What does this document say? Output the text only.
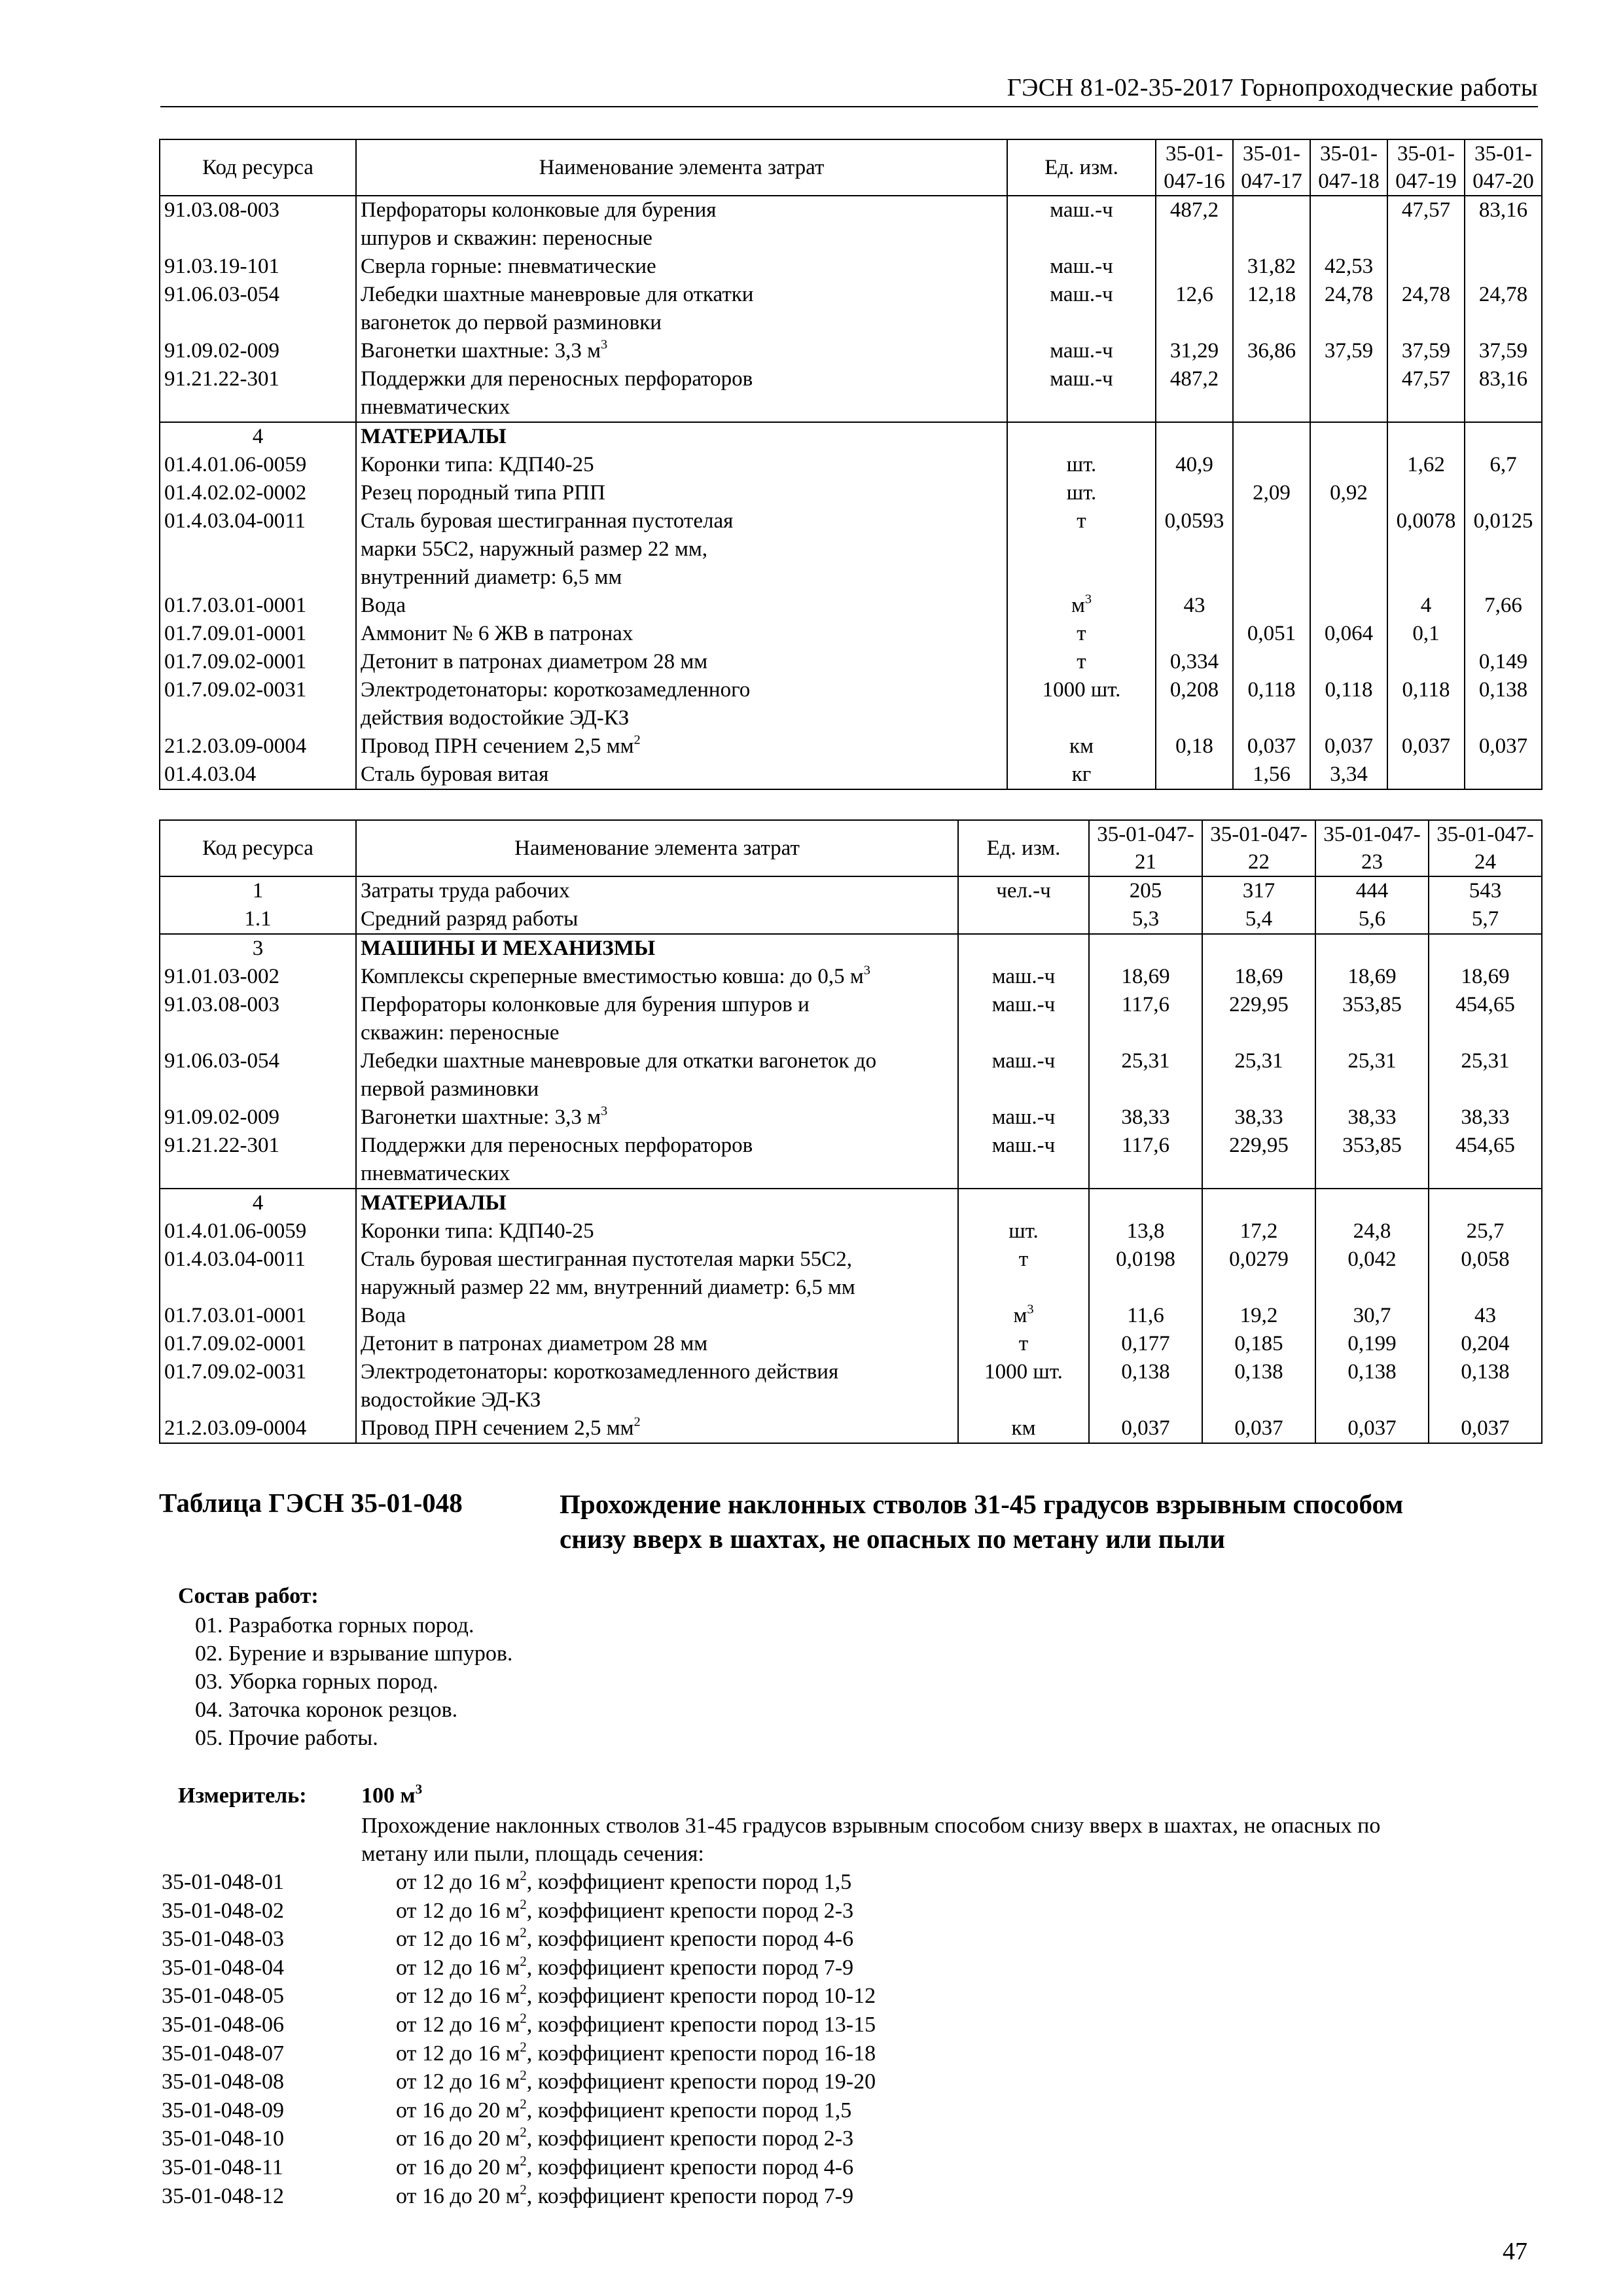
ГЭСН 81-02-35-2017 Горнопроходческие работы
Код ресурса	Наименование элемента затрат	Ед. изм.	35-01-047-16	35-01-047-17	35-01-047-18	35-01-047-19	35-01-047-20
91.03.08-003	Перфораторы колонковые для бурения
шпуров и скважин: переносные	маш.-ч	487,2			47,57	83,16
91.03.19-101	Сверла горные: пневматические	маш.-ч		31,82	42,53		
91.06.03-054	Лебедки шахтные маневровые для откатки
вагонеток до первой разминовки	маш.-ч	12,6	12,18	24,78	24,78	24,78
91.09.02-009	Вагонетки шахтные: 3,3 $м^3$	маш.-ч	31,29	36,86	37,59	37,59	37,59
91.21.22-301	Поддержки для переносных перфораторов
пневматических	маш.-ч	487,2			47,57	83,16
4	МАТЕРИАЛЫ						
01.4.01.06-0059	Коронки типа: КДП40-25	шт.	40,9			1,62	6,7
01.4.02.02-0002	Резец породный типа РПП	шт.		2,09	0,92		
01.4.03.04-0011	Сталь буровая шестигранная пустотелая
марки 55С2, наружный размер 22 мм,
внутренний диаметр: 6,5 мм	т	0,0593			0,0078	0,0125
01.7.03.01-0001	Вода	$м^3$	43			4	7,66
01.7.09.01-0001	Аммонит № 6 ЖВ в патронах	т		0,051	0,064	0,1	
01.7.09.02-0001	Детонит в патронах диаметром 28 мм	т	0,334				0,149
01.7.09.02-0031	Электродетонаторы: короткозамедленного
действия водостойкие ЭД-КЗ	1000 шт.	0,208	0,118	0,118	0,118	0,138
21.2.03.09-0004	Провод ПРН сечением 2,5 $мм^2$	км	0,18	0,037	0,037	0,037	0,037
01.4.03.04	Сталь буровая витая	кг		1,56	3,34		
Код ресурса	Наименование элемента затрат	Ед. изм.	35-01-047-21	35-01-047-22	35-01-047-23	35-01-047-24
1	Затраты труда рабочих	чел.-ч	205	317	444	543
1.1	Средний разряд работы		5,3	5,4	5,6	5,7
3	МАШИНЫ И МЕХАНИЗМЫ					
91.01.03-002	Комплексы скреперные вместимостью ковша: до 0,5 $м^3$	маш.-ч	18,69	18,69	18,69	18,69
91.03.08-003	Перфораторы колонковые для бурения шпуров и
скважин: переносные	маш.-ч	117,6	229,95	353,85	454,65
91.06.03-054	Лебедки шахтные маневровые для откатки вагонеток до
первой разминовки	маш.-ч	25,31	25,31	25,31	25,31
91.09.02-009	Вагонетки шахтные: 3,3 $м^3$	маш.-ч	38,33	38,33	38,33	38,33
91.21.22-301	Поддержки для переносных перфораторов
пневматических	маш.-ч	117,6	229,95	353,85	454,65
4	МАТЕРИАЛЫ					
01.4.01.06-0059	Коронки типа: КДП40-25	шт.	13,8	17,2	24,8	25,7
01.4.03.04-0011	Сталь буровая шестигранная пустотелая марки 55С2,
наружный размер 22 мм, внутренний диаметр: 6,5 мм	т	0,0198	0,0279	0,042	0,058
01.7.03.01-0001	Вода	$м^3$	11,6	19,2	30,7	43
01.7.09.02-0001	Детонит в патронах диаметром 28 мм	т	0,177	0,185	0,199	0,204
01.7.09.02-0031	Электродетонаторы: короткозамедленного действия
водостойкие ЭД-КЗ	1000 шт.	0,138	0,138	0,138	0,138
21.2.03.09-0004	Провод ПРН сечением 2,5 $мм^2$	км	0,037	0,037	0,037	0,037
Таблица ГЭСН 35-01-048	Прохождение наклонных стволов 31-45 градусов взрывным способом
снизу вверх в шахтах, не опасных по метану или пыли
Состав работ:
01. Разработка горных пород.
02. Бурение и взрывание шпуров.
03. Уборка горных пород.
04. Заточка коронок резцов.
05. Прочие работы.
Измеритель: 100 $м^3$
Прохождение наклонных стволов 31-45 градусов взрывным способом снизу вверх в шахтах, не опасных по
метану или пыли, площадь сечения:
35-01-048-01	от 12 до 16 $м^2$, коэффициент крепости пород 1,5
35-01-048-02	от 12 до 16 $м^2$, коэффициент крепости пород 2-3
35-01-048-03	от 12 до 16 $м^2$, коэффициент крепости пород 4-6
35-01-048-04	от 12 до 16 $м^2$, коэффициент крепости пород 7-9
35-01-048-05	от 12 до 16 $м^2$, коэффициент крепости пород 10-12
35-01-048-06	от 12 до 16 $м^2$, коэффициент крепости пород 13-15
35-01-048-07	от 12 до 16 $м^2$, коэффициент крепости пород 16-18
35-01-048-08	от 12 до 16 $м^2$, коэффициент крепости пород 19-20
35-01-048-09	от 16 до 20 $м^2$, коэффициент крепости пород 1,5
35-01-048-10	от 16 до 20 $м^2$, коэффициент крепости пород 2-3
35-01-048-11	от 16 до 20 $м^2$, коэффициент крепости пород 4-6
35-01-048-12	от 16 до 20 $м^2$, коэффициент крепости пород 7-9
47
